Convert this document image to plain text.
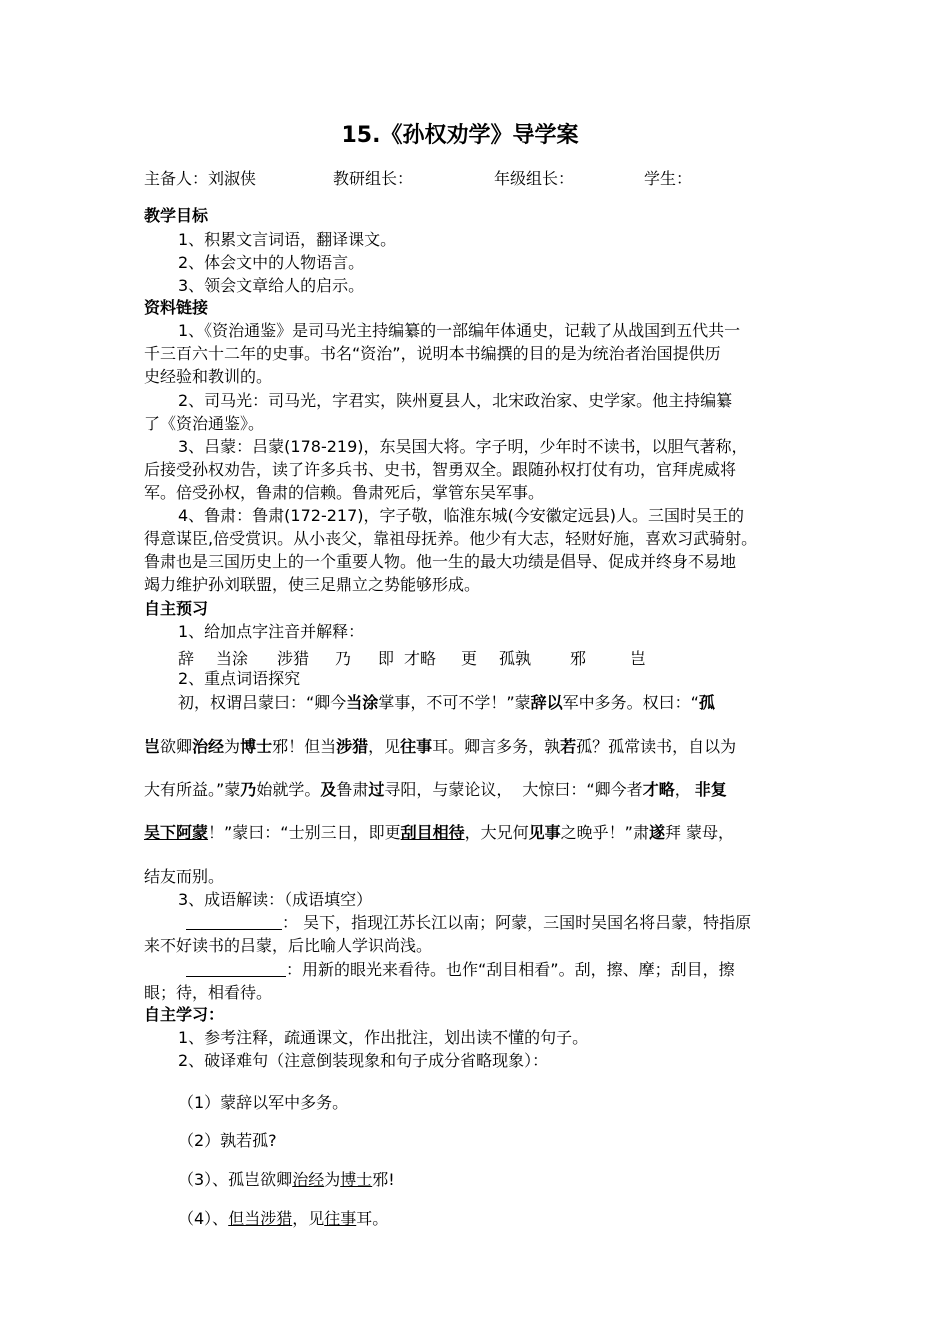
15.《孙权劝学》导学案
主备人：刘淑侠	教研组长：	年级组长：	学生：
教学目标
1、积累文言词语，翻译课文。
2、体会文中的人物语言。
3、领会文章给人的启示。
资料链接
1、《资治通鉴》是司马光主持编纂的一部编年体通史，记载了从战国到五代共一
千三百六十二年的史事。书名“资治”，说明本书编撰的目的是为统治者治国提供历
史经验和教训的。
2、司马光：司马光，字君实，陕州夏县人，北宋政治家、史学家。他主持编纂
了《资治通鉴》。
3、吕蒙：吕蒙(178-219)，东吴国大将。字子明，少年时不读书，以胆气著称，
后接受孙权劝告，读了许多兵书、史书，智勇双全。跟随孙权打仗有功，官拜虎威将
军。倍受孙权，鲁肃的信赖。鲁肃死后，掌管东吴军事。
4、鲁肃：鲁肃(172-217)，字子敬，临淮东城(今安徽定远县)人。三国时吴王的
得意谋臣,倍受赏识。从小丧父，靠祖母抚养。他少有大志，轻财好施，喜欢习武骑射。
鲁肃也是三国历史上的一个重要人物。他一生的最大功绩是倡导、促成并终身不易地
竭力维护孙刘联盟，使三足鼎立之势能够形成。
自主预习
1、给加点字注音并解释：
辞 当涂 涉猎 乃 即 才略 更 孤孰 邪	岂
2、重点词语探究
初，权谓吕蒙曰：“卿今当涂掌事，不可不学！”蒙辞以军中多务。权曰：“孤
岂欲卿治经为博士邪！但当涉猎，见往事耳。卿言多务，孰若孤？孤常读书，自以为
大有所益。”蒙乃始就学。及鲁肃过寻阳，与蒙论议， 大惊曰：“卿今者才略， 非复
吴下阿蒙！”蒙曰：“士别三日，即更刮目相待，大兄何见事之晚乎！”肃遂拜 蒙母，
结友而别。
3、成语解读：（成语填空）
： 吴下，指现江苏长江以南；阿蒙，三国时吴国名将吕蒙，特指原
来不好读书的吕蒙，后比喻人学识尚浅。
：用新的眼光来看待。也作“刮目相看”。刮，擦、摩；刮目，擦
眼；待，相看待。
自主学习：
1、参考注释，疏通课文，作出批注，划出读不懂的句子。
2、破译难句（注意倒装现象和句子成分省略现象）：
（1）蒙辞以军中多务。
（2）孰若孤?
（3）、孤岂欲卿治经为博士邪!
（4）、但当涉猎，见往事耳。
